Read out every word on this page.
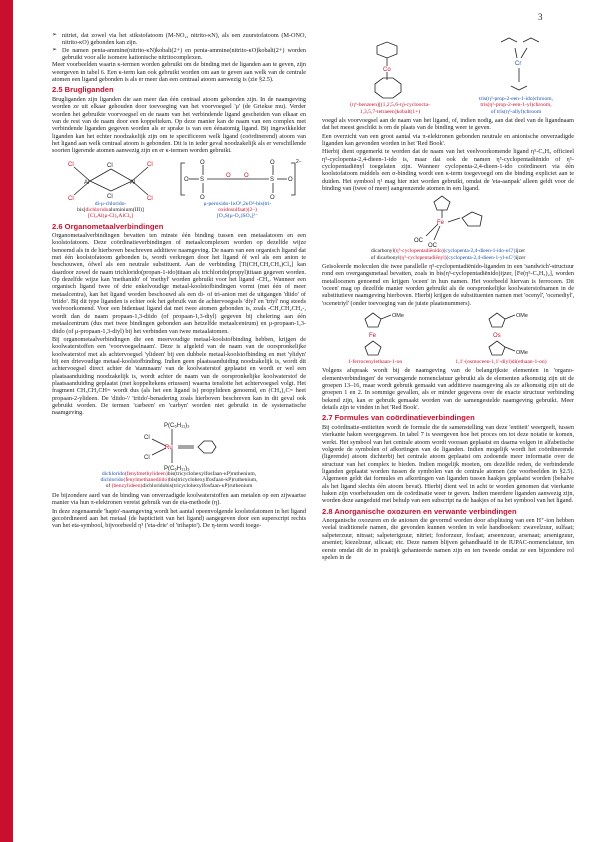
3
➢ nitriet, dat zowel via het stikstofatoom (M-NO₂, nitrito-κN), als een zuurstofatoom (M-ONO, nitrito-κO) gebonden kan zijn.
➢ De namen penta-ammine(nitrito-κN)kobalt(2+) en penta-ammine(nitrito-κO)kobalt(2+) worden gebruikt voor alle isomere kationische nitritocomplexen.

Meer voorbeelden waarin κ-termen worden gebruikt om de binding met de liganden aan te geven, zijn weergeven in tabel 6. Een κ-term kan ook gebruikt worden om aan te geven aan welk van de centrale atomen een ligand gebonden is als er meer dan een centraal atoom aanwezig is (zie §2.5).

2.5 Brugliganden

Brugliganden zijn liganden die aan meer dan één centraal atoom gebonden zijn. In de naamgeving worden ze uit elkaar gehouden door toevoeging van het voorvoegsel 'μ' (de Griekse mu). Verder worden het gebruikte voorvoegsel en de naam van het verbindende ligand gescheiden van elkaar en van de rest van de naam door een koppelteken. Op deze manier kan de naam van een complex met verbindende liganden gegeven worden als er sprake is van een éénatomig ligand. Bij ingewikkelder liganden kan het echter noodzakelijk zijn om te specificeren welk ligand (coördinerend) atoom van het ligand aan welk centraal atoom is gebonden. Dit is in ieder geval noodzakelijk als er verschillende soorten ligerende atomen aanwezig zijn en er κ-termen worden gebruikt.

Cl
Cl
Cl
Cl
Cl
Cl
Al	Al
di-μ-chlorido-
bis[dichloridoaluminium(III)]
[Cl₂Al(μ-Cl)₂AlCl₂]
S	S
O
O
O
O
O	O
O O
2−
μ-peroxido-1κO¹,2κO²-bis(tri-
oxidosulfaat)(2–)
[O₃S(μ-O₂)SO₃]²⁻
2.6 Organometaalverbindingen

Organometaalverbindingen bevatten ten minste één binding tussen een metaalatoom en een koolstofatoom. Deze coördinatieverbindingen of metaalcomplexen worden op dezelfde wijze benoemd als in de hierboven beschreven additieve naamgeving. De naam van een organisch ligand dat met één koolstofatoom gebonden is, wordt verkregen door het ligand óf wel als een anion te beschouwen, ófwel als een neutrale substituent. Aan de verbinding [Ti(CH₂CH₂CH₃)Cl₃] kan daardoor zowel de naam trichlorido(propan-1-ido)titaan als trichlorido(propyl)titaan gegeven worden. Op dezelfde wijze kan 'methanido' of 'methyl' worden gebruikt voor het ligand -CH₃. Wanneer een organisch ligand twee of drie enkelvoudige metaal-koolstofbindingen vormt (met één of meer metaalcentra), kan het ligand worden beschouwd als een di- of tri-anion met de uitgangen 'diido' of 'triido'. Bij dit type liganden is echter ook het gebruik van de achtervoegsels 'diyl' en 'triyl' nog steeds veelvoorkomend. Voor een bidentaat ligand dat met twee atomen gebonden is, zoals -CH₂CH₂CH₂-, wordt dan de naam propaan-1,3-diido (of propaan-1,3-diyl) gegeven bij chelering aan één metaalcentrum (dus met twee bindingen gebonden aan hetzelfde metaalcentrum) en μ-propaan-1,3-diido (of μ-propaan-1,3-diyl) bij het verbinden van twee metaalatomen.

Bij organometaalverbindingen die een meervoudige metaal-koolstofbinding hebben, krijgen de koolwaterstoffen een 'voorvoegselnaam'. Deze is afgeleid van de naam van de oorspronkelijke koolwaterstof met als achtervoegsel 'ylideen' bij een dubbele metaal-koolstofbinding en met 'ylidyn' bij een drievoudige metaal-koolstofbinding. Indien geen plaatsaanduiding noodzakelijk is, wordt dit achtervoegsel direct achter de 'stamnaam' van de koolwaterstof geplaatst en wordt er wel een plaatsaanduiding noodzakelijk is, wordt achter de naam van de oorspronkelijke koolwaterstof de plaatsaanduiding geplaatst (met koppeltekens ertussen) waarna tenslotte het achtervoegsel volgt. Het fragment CH₃CH₂CH= wordt dus (als het een ligand is) propylideen genoemd, en (CH₃)₂C= heet propaan-2-ylideen. De 'diido-'/ 'triido'-benadering zoals hierboven beschreven kan in dit geval ook gebruikt worden. De termen 'carbeen' en 'carbyn' worden niet gebruikt in de systematische naamgeving.

Ru
P(C₆H₁₁)₃
P(C₆H₁₁)₃
Cl
Cl
dichlorido(fenylmethylideen)bis(tricyclohexylfosfaan-κP)ruthenium,
dichlorido(fenylmethanediido)bis(tricyclohexylfosfaan-κP)ruthenium,
of (benzylideen)dichloridobis(tricyclohexylfosfaan-κP)ruthenium

De bijzondere aard van de binding van onverzadigde koolwaterstoffen aan metalen op een zijwaartse manier via hun π-elektronen vereist gebruik van de eta-methode (η).

In deze zogenaamde 'hapto'-naamgeving wordt het aantal opeenvolgende koolstofatomen in het ligand gecoördineerd aan het metaal (de hapticiteit van het ligand) aangegeven door een superscript rechts van het eta-symbool, bijvoorbeeld η³ ('eta-drie' of 'trihapto'). De η-term wordt toege-

Co
(η⁶-benzeen)[(1,2,5,6-η)-cycloocta-
1,3,5,7-tetraeen]kobalt(1+)
Cr
tris(η³-prop-2-een-1-ido)chroom,
tris(η³-prop-2-een-1-yl)chroom,
of tris(η³-allyl)chroom

voegd als voorvoegsel aan de naam van het ligand, of, indien nodig, aan dat deel van de ligandnaam dat het meest geschikt is om de plaats van de binding weer te geven.

Een overzicht van een groot aantal via π-elektronen gebonden neutrale en anionische onverzadigde liganden kan gevonden worden in het 'Red Book'.

Hierbij dient opgemerkt te worden dat de naam van het veelvoorkomende ligand η⁵-C₅H₅ officieel η⁵-cyclopenta-2,4-dieen-1-ido is, maar dat ook de namen η⁵-cyclopentadiënido of η⁵-cyclopentadiënyl toegelaten zijn. Wanneer cyclopenta-2,4-dieen-1-ido coördineert via één koolstofatoom middels een σ-binding wordt een κ-term toegevoegd om die binding expliciet aan te duiden. Het symbool η¹ mag hier niet worden gebruikt, omdat de 'eta-aanpak' alleen geldt voor de binding van (twee of meer) aangrenzende atomen in een ligand.

Fe
OC
OC
dicarbonyl(η⁵-cyclopentadiënido)(cyclopenta-2,4-dieen-1-ido-κC¹)ijzer
of dicarbonyl(η⁵-cyclopentadiënyl)(cyclopenta-2,4-dieen-1-yl-κC¹)ijzer

Geïsoleerde moleculen die twee parallelle η⁵-cyclopentadiënido-liganden in een 'sandwich'-structuur rond een overgangsmetaal bevatten, zoals in bis(η⁵-cyclopentadiënido)ijzer, [Fe(η⁵-C₅H₅)₂], worden metallocenen genoemd en krijgen 'oceen' in hun namen. Het voorbeeld hiervan is ferroceen. Dit 'oceen' mag op dezelfde manier worden gebruikt als de oorspronkelijke koolwaterstofnamen in de substitutieve naamgeving hierboven. Hierbij krijgen de substituenten namen met 'ocenyl', 'ocenediyl', 'ocenetriyl' (onder toevoeging van de juiste plaatsnummers).

Fe
OMe
1-ferrocenylethaan-1-on
Os
OMe
OMe
1,1'-(osmoceen-1,1'-diyl)di(ethaan-1-on)

Volgens afspraak wordt bij de naamgeving van de belangrijkste elementen in 'organo-elementverbindingen' de vervangende nomenclatuur gebruikt als de elementen afkomstig zijn uit de groepen 13–16, maar wordt gebruik gemaakt van additieve naamgeving als ze afkomstig zijn uit de groepen 1 en 2. In sommige gevallen, als er minder gegevens over de exacte structuur verbinding bekend zijn, kan er gebruik gemaakt worden van de samengestelde naamgeving gebruikt. Meer details zijn te vinden in het 'Red Book'.

2.7 Formules van coördinatieverbindingen

Bij coördinatie-entiteiten wordt de formule die de samenstelling van deze 'entiteit' weergeeft, tussen vierkante haken weergegeven. In tabel 7 is weergeven hoe het proces om tot deze notatie te komen, werkt. Het symbool van het centrale atoom wordt vooraan geplaatst en daarna volgen in alfabetische volgorde de symbolen of afkortingen van de liganden. Indien mogelijk wordt het coördinerende (ligerende) atoom dichterbij het centrale atoom geplaatst om zodoende meer informatie over de structuur van het complex te bieden. Indien mogelijk moeten, om dezelfde reden, de verbindende liganden geplaatst worden tussen de symbolen van de centrale atomen (zie voorbeelden in §2.5). Algemeen geldt dat formules en afkortingen van liganden tussen haakjes geplaatst worden (behalve als het ligand slechts één atoom bevat). Hierbij dient wel in acht te worden genomen dat vierkante haken zijn voorbehouden om de coördinatie weer te geven. Indien meerdere liganden aanwezig zijn, worden deze aangeduid met behulp van een subscript na de haakjes of na het symbool van het ligand.

2.8 Anorganische oxozuren en verwante verbindingen

Anorganische oxozuren en de anionen die gevormd worden door afsplitsing van een H⁺-ion hebben veelal traditionele namen, die gevonden kunnen worden in vele handboeken: zwavelzuur, sulfaat; salpeterzuur, nitraat; salpeterigzuur, nitriet; fosforzuur, fosfaat; arseenzuur, arsenaat; arsenigzuur, arseniet; kiezelzuur, silicaat; etc. Deze namen blijven gehandhaafd in de IUPAC-nomenclatuur, ten eerste omdat dit de in praktijk gehanteerde namen zijn en ten tweede omdat ze een bijzondere rol spelen in de
